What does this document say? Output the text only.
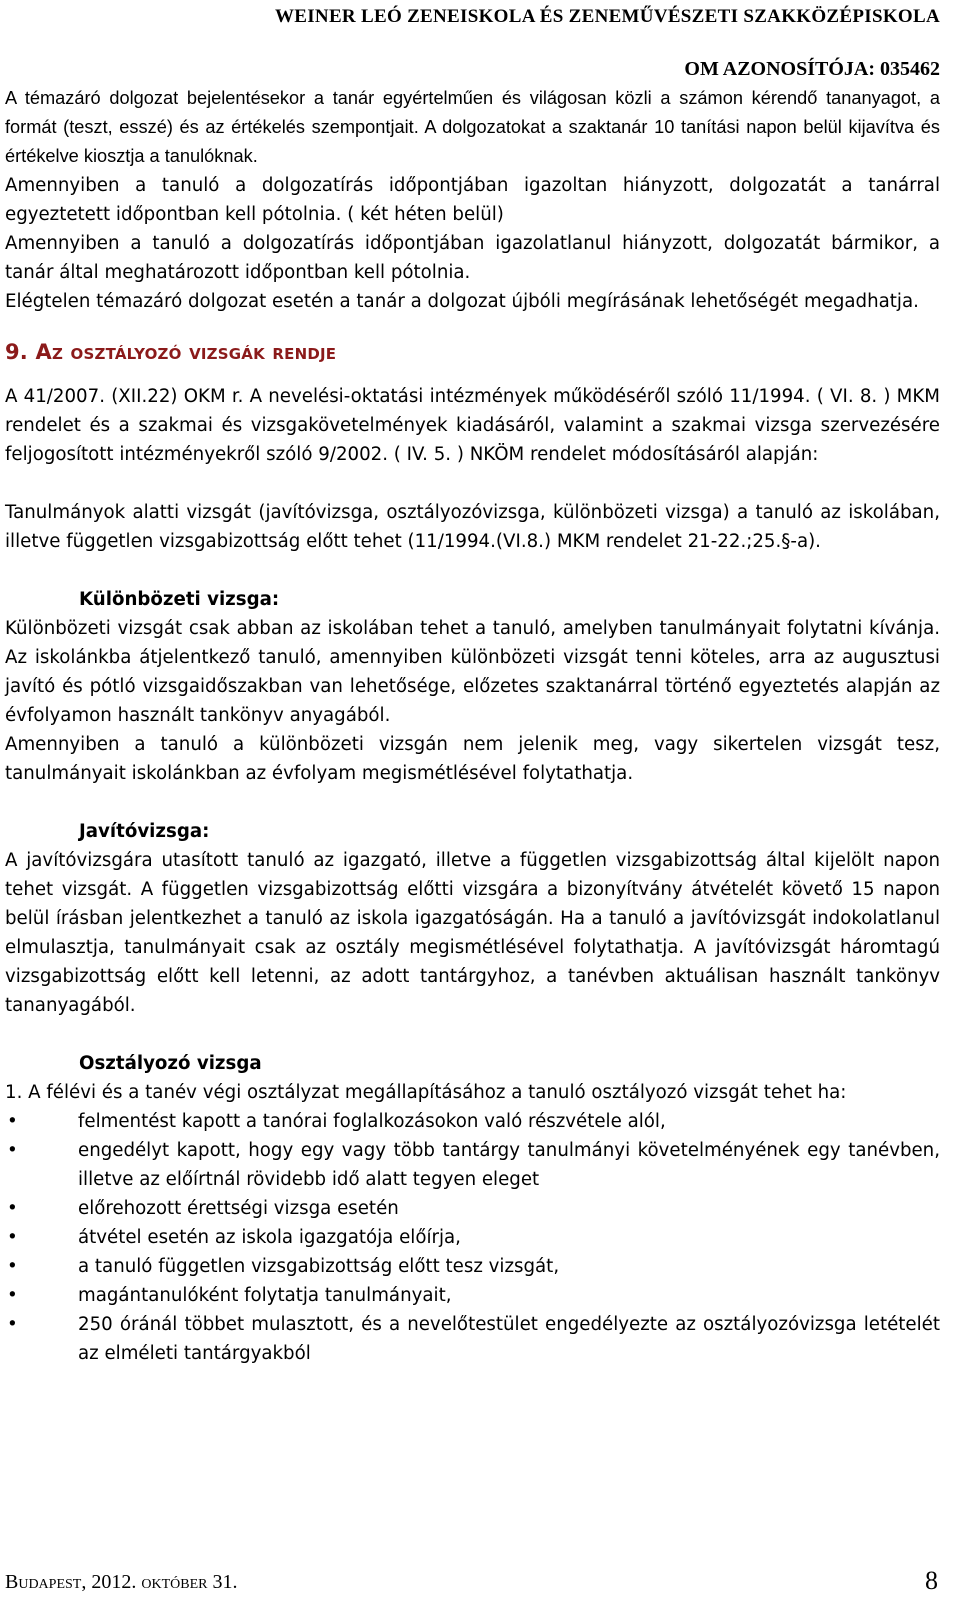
WEINER LEÓ ZENEISKOLA ÉS ZENEMŰVÉSZETI SZAKKÖZÉPISKOLA
OM AZONOSÍTÓJA: 035462

A témazáró dolgozat bejelentésekor a tanár egyértelműen és világosan közli a számon kérendő tananyagot, a formát (teszt, esszé) és az értékelés szempontjait. A dolgozatokat a szaktanár 10 tanítási napon belül kijavítva és értékelve kiosztja a tanulóknak.

Amennyiben a tanuló a dolgozatírás időpontjában igazoltan hiányzott, dolgozatát a tanárral egyeztetett időpontban kell pótolnia. ( két héten belül)

Amennyiben a tanuló a dolgozatírás időpontjában igazolatlanul hiányzott, dolgozatát bármikor, a tanár által meghatározott időpontban kell pótolnia.

Elégtelen témazáró dolgozat esetén a tanár a dolgozat újbóli megírásának lehetőségét megadhatja.

9. Az osztályozó vizsgák rendje

A 41/2007. (XII.22) OKM r. A nevelési-oktatási intézmények működéséről szóló 11/1994. ( VI. 8. ) MKM rendelet és a szakmai és vizsgakövetelmények kiadásáról, valamint a szakmai vizsga szervezésére feljogosított intézményekről szóló 9/2002. ( IV. 5. ) NKÖM rendelet módosításáról alapján:

Tanulmányok alatti vizsgát (javítóvizsga, osztályozóvizsga, különbözeti vizsga) a tanuló az iskolában, illetve független vizsgabizottság előtt tehet (11/1994.(VI.8.) MKM rendelet 21-22.;25.§-a).

Különbözeti vizsga:

Különbözeti vizsgát csak abban az iskolában tehet a tanuló, amelyben tanulmányait folytatni kívánja. Az iskolánkba átjelentkező tanuló, amennyiben különbözeti vizsgát tenni köteles, arra az augusztusi javító és pótló vizsgaidőszakban van lehetősége, előzetes szaktanárral történő egyeztetés alapján az évfolyamon használt tankönyv anyagából.

Amennyiben a tanuló a különbözeti vizsgán nem jelenik meg, vagy sikertelen vizsgát tesz, tanulmányait iskolánkban az évfolyam megismétlésével folytathatja.

Javítóvizsga:

A javítóvizsgára utasított tanuló az igazgató, illetve a független vizsgabizottság által kijelölt napon tehet vizsgát. A független vizsgabizottság előtti vizsgára a bizonyítvány átvételét követő 15 napon belül írásban jelentkezhet a tanuló az iskola igazgatóságán. Ha a tanuló a javítóvizsgát indokolatlanul elmulasztja, tanulmányait csak az osztály megismétlésével folytathatja. A javítóvizsgát háromtagú vizsgabizottság előtt kell letenni, az adott tantárgyhoz, a tanévben aktuálisan használt tankönyv tananyagából.

Osztályozó vizsga

1. A félévi és a tanév végi osztályzat megállapításához a tanuló osztályozó vizsgát tehet ha:

• felmentést kapott a tanórai foglalkozásokon való részvétele alól,
• engedélyt kapott, hogy egy vagy több tantárgy tanulmányi követelményének egy tanévben, illetve az előírtnál rövidebb idő alatt tegyen eleget
• előrehozott érettségi vizsga esetén
• átvétel esetén az iskola igazgatója előírja,
• a tanuló független vizsgabizottság előtt tesz vizsgát,
• magántanulóként folytatja tanulmányait,
• 250 óránál többet mulasztott, és a nevelőtestület engedélyezte az osztályozóvizsga letételét az elméleti tantárgyakból
Budapest, 2012. október 31.	8
